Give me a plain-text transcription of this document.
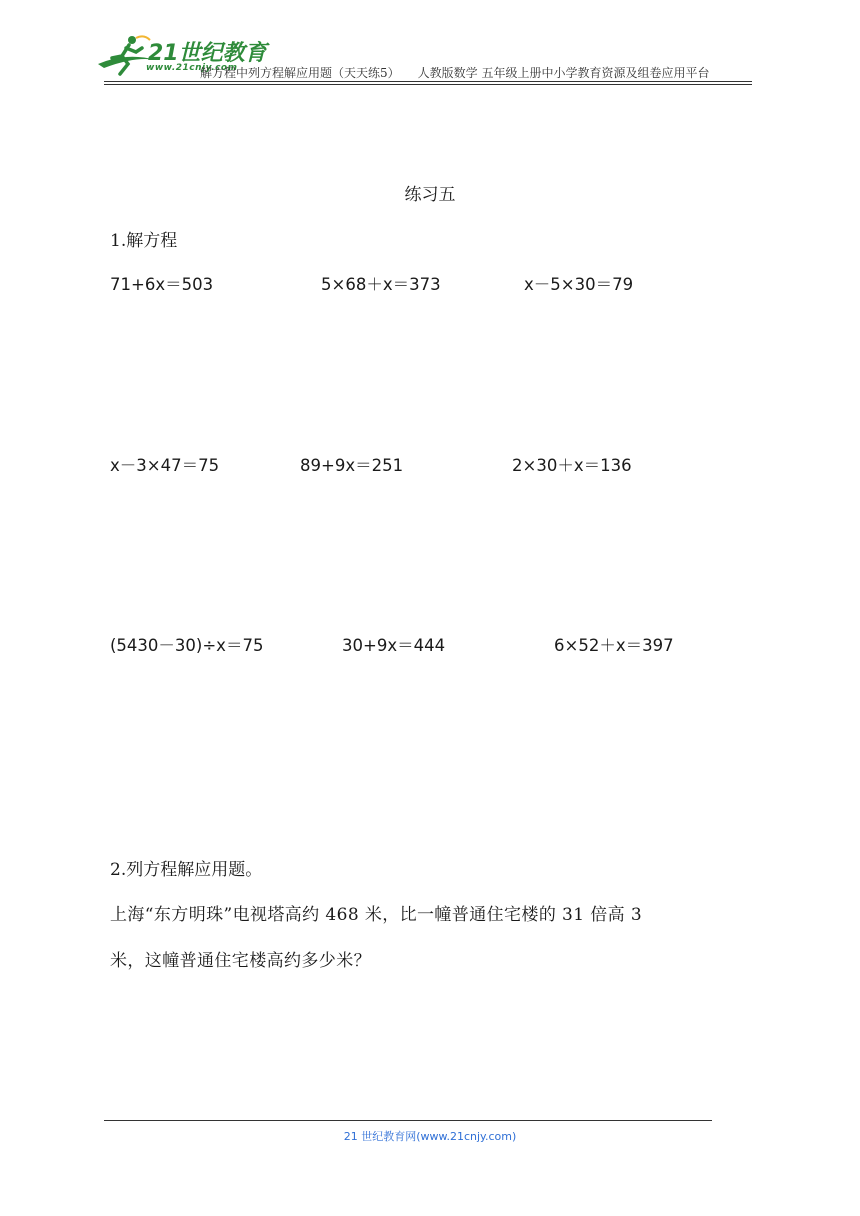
21世纪教育
www.21cnjy.com
解方程中列方程解应用题（天天练5） 人教版数学 五年级上册中小学教育资源及组卷应用平台
练习五
1.解方程
71+6x＝503	5×68＋x＝373	x－5×30＝79
x－3×47＝75	89+9x＝251	2×30＋x＝136
(5430－30)÷x＝75	30+9x＝444	6×52＋x＝397
2.列方程解应用题。
上海“东方明珠”电视塔高约 468 米，比一幢普通住宅楼的 31 倍高 3
米，这幢普通住宅楼高约多少米？
21 世纪教育网(www.21cnjy.com)
